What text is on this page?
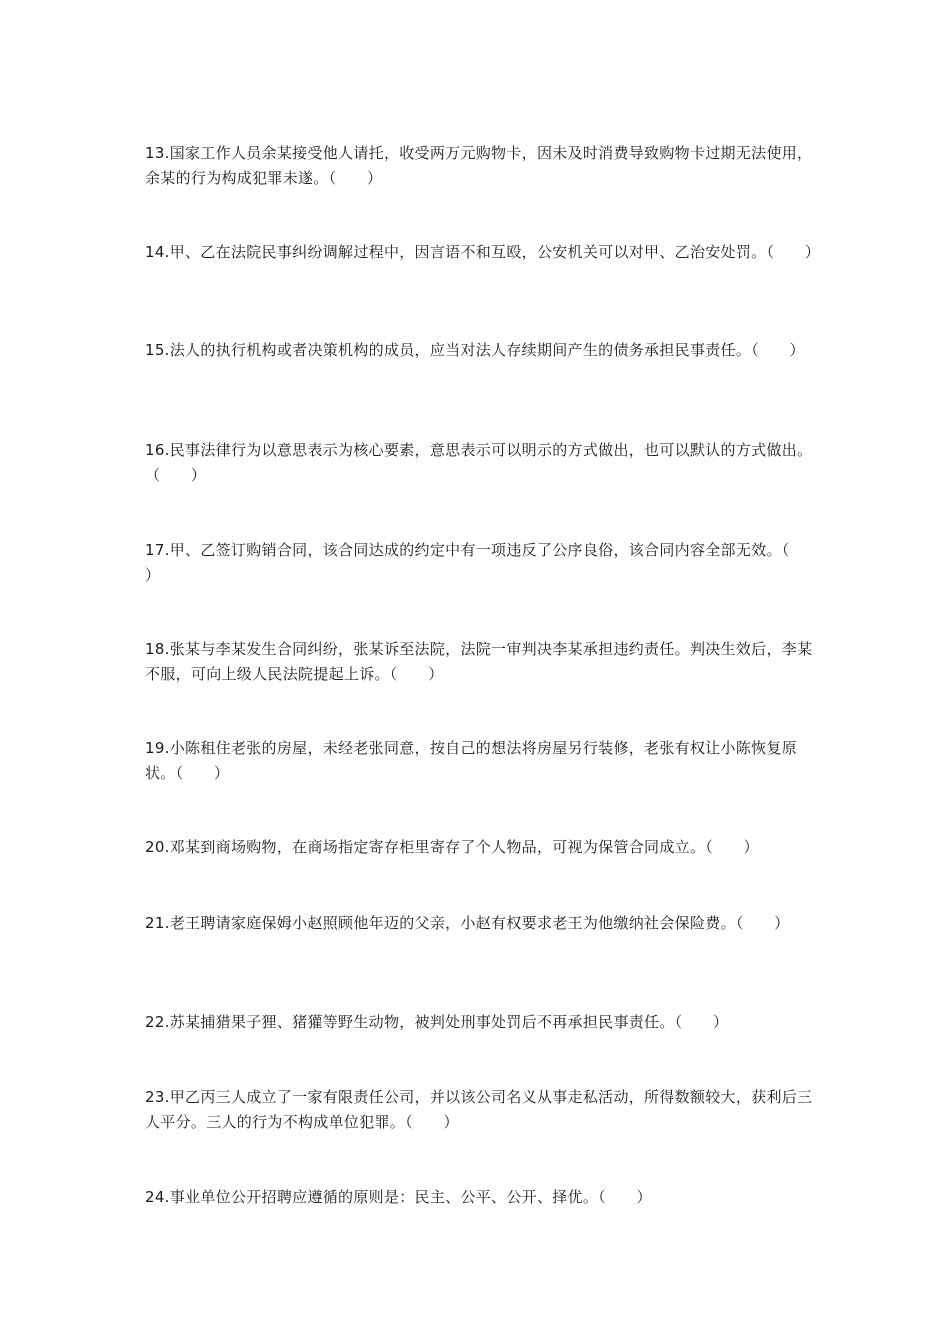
13.国家工作人员余某接受他人请托，收受两万元购物卡，因未及时消费导致购物卡过期无法使用，余某的行为构成犯罪未遂。（　　）

14.甲、乙在法院民事纠纷调解过程中，因言语不和互殴，公安机关可以对甲、乙治安处罚。（　　）

15.法人的执行机构或者决策机构的成员，应当对法人存续期间产生的债务承担民事责任。（　　）

16.民事法律行为以意思表示为核心要素，意思表示可以明示的方式做出，也可以默认的方式做出。（　　）

17.甲、乙签订购销合同，该合同达成的约定中有一项违反了公序良俗，该合同内容全部无效。（　　）

18.张某与李某发生合同纠纷，张某诉至法院，法院一审判决李某承担违约责任。判决生效后，李某不服，可向上级人民法院提起上诉。（　　）

19.小陈租住老张的房屋，未经老张同意，按自己的想法将房屋另行装修，老张有权让小陈恢复原状。（　　）

20.邓某到商场购物，在商场指定寄存柜里寄存了个人物品，可视为保管合同成立。（　　）

21.老王聘请家庭保姆小赵照顾他年迈的父亲，小赵有权要求老王为他缴纳社会保险费。（　　）

22.苏某捕猎果子狸、猪獾等野生动物，被判处刑事处罚后不再承担民事责任。（　　）

23.甲乙丙三人成立了一家有限责任公司，并以该公司名义从事走私活动，所得数额较大，获利后三人平分。三人的行为不构成单位犯罪。（　　）

24.事业单位公开招聘应遵循的原则是：民主、公平、公开、择优。（　　）
